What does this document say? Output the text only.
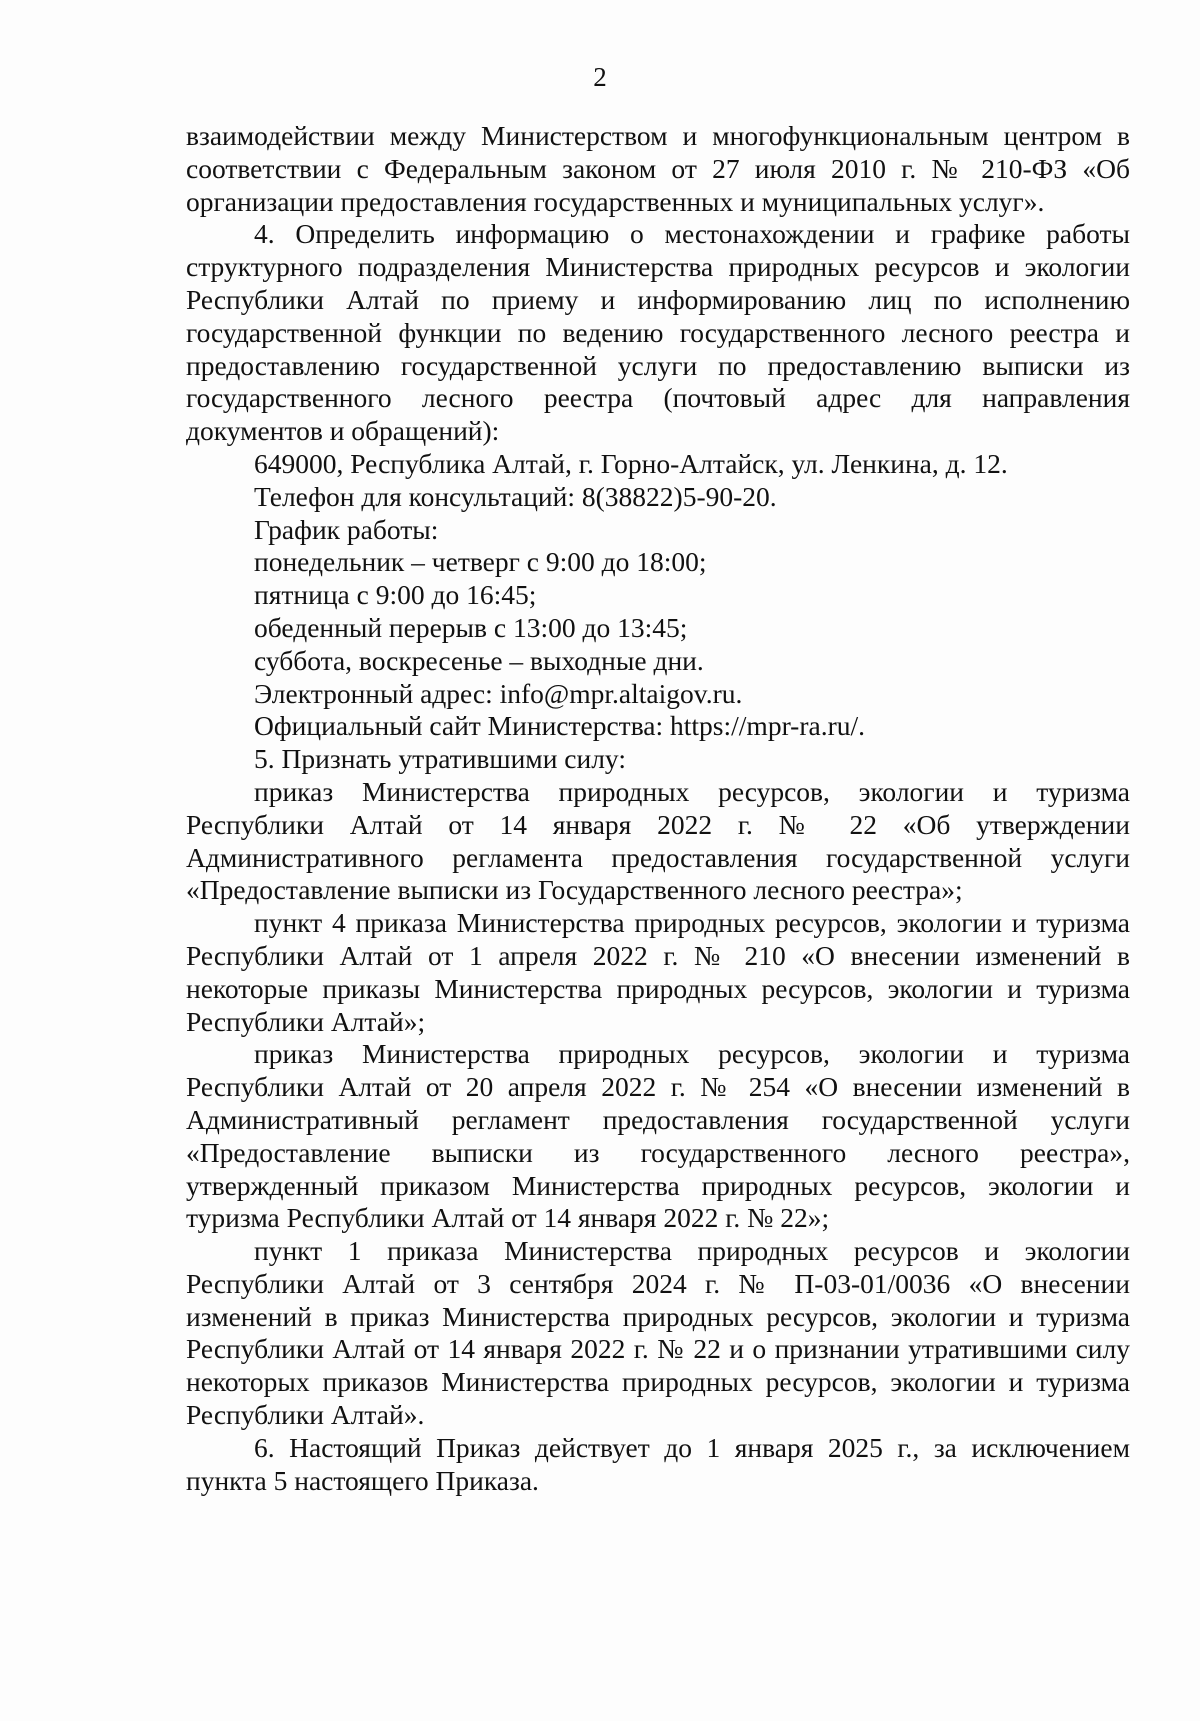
2

взаимодействии между Министерством и многофункциональным центром в соответствии с Федеральным законом от 27 июля 2010 г. № 210-ФЗ «Об организации предоставления государственных и муниципальных услуг».

4. Определить информацию о местонахождении и графике работы структурного подразделения Министерства природных ресурсов и экологии Республики Алтай по приему и информированию лиц по исполнению государственной функции по ведению государственного лесного реестра и предоставлению государственной услуги по предоставлению выписки из государственного лесного реестра (почтовый адрес для направления документов и обращений):

649000, Республика Алтай, г. Горно-Алтайск, ул. Ленкина, д. 12.

Телефон для консультаций: 8(38822)5-90-20.

График работы:

понедельник – четверг с 9:00 до 18:00;

пятница с 9:00 до 16:45;

обеденный перерыв с 13:00 до 13:45;

суббота, воскресенье – выходные дни.

Электронный адрес: info@mpr.altaigov.ru.

Официальный сайт Министерства: https://mpr-ra.ru/.

5. Признать утратившими силу:

приказ Министерства природных ресурсов, экологии и туризма Республики Алтай от 14 января 2022 г. № 22 «Об утверждении Административного регламента предоставления государственной услуги «Предоставление выписки из Государственного лесного реестра»;

пункт 4 приказа Министерства природных ресурсов, экологии и туризма Республики Алтай от 1 апреля 2022 г. № 210 «О внесении изменений в некоторые приказы Министерства природных ресурсов, экологии и туризма Республики Алтай»;

приказ Министерства природных ресурсов, экологии и туризма Республики Алтай от 20 апреля 2022 г. № 254 «О внесении изменений в Административный регламент предоставления государственной услуги «Предоставление выписки из государственного лесного реестра», утвержденный приказом Министерства природных ресурсов, экологии и туризма Республики Алтай от 14 января 2022 г. № 22»;

пункт 1 приказа Министерства природных ресурсов и экологии Республики Алтай от 3 сентября 2024 г. № П-03-01/0036 «О внесении изменений в приказ Министерства природных ресурсов, экологии и туризма Республики Алтай от 14 января 2022 г. № 22 и о признании утратившими силу некоторых приказов Министерства природных ресурсов, экологии и туризма Республики Алтай».

6. Настоящий Приказ действует до 1 января 2025 г., за исключением пункта 5 настоящего Приказа.
